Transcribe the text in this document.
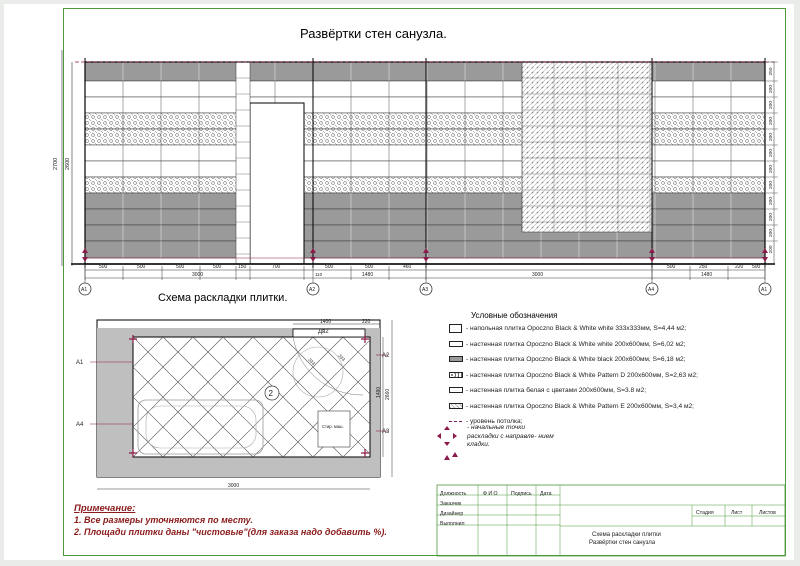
Развёртки стен санузла.
Схема раскладки плитки.
2700 2600
250
200
200
200
200
200
200
200
200
200
200
200
500	500	500	500	150	700	500	500	460	500	250	220 500
3000	1480	3000	1480
110
A1	A2	A3	A4	A1
Стир. маш.
Дв2
2
1400	220
333	333
1480 2660
3000
A1
A4
A2
A3
Условные обозначения
- напольная плитка Opoczno Black & White white 333x333мм, S=4,44 м2;
- настенная плитка Opoczno Black & White white 200x600мм, S=6,02 м2;
- настенная плитка Opoczno Black & White black 200x600мм, S=6,18 м2;
- настенная плитка Opoczno Black & White Pattern D 200x600мм, S=2,63 м2;
- настенная плитка белая с цветами 200x600мм, S=3.8 м2;
- настенная плитка Opoczno Black & White Pattern E 200x600мм, S=3,4 м2;
- уровень потолка;
- начальные точки раскладки с направле- нием кладки.
Примечание:
1. Все размеры уточняются по месту.
2. Площади плитки даны "чистовые"(для заказа надо добавить %).
Должность	Ф И О	Подпись Дата
Заказчик
Дизайнер
Выполнил
Стадия	Лист	Листов
Схема раскладки плитки
Развёртки стен санузла
